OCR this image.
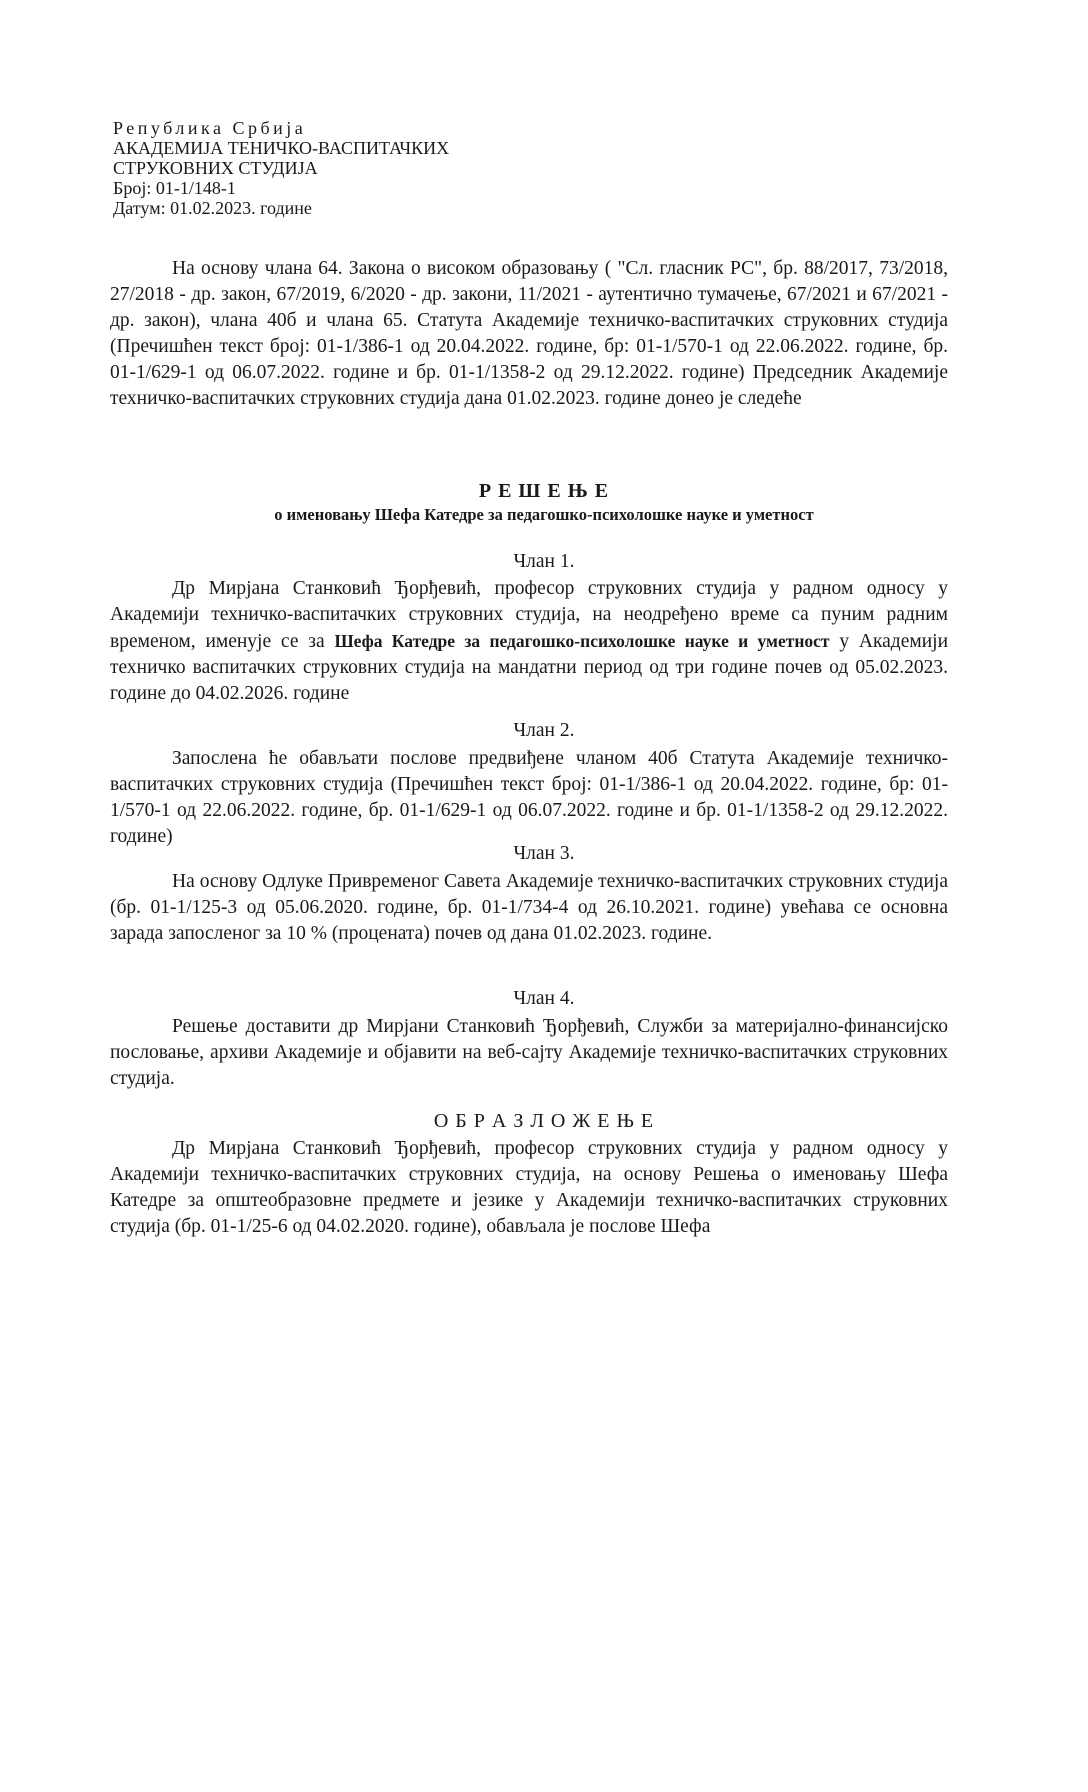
Република Србија
АКАДЕМИЈА ТЕНИЧКО-ВАСПИТАЧКИХ
СТРУКОВНИХ СТУДИЈА
Број: 01-1/148-1
Датум: 01.02.2023. године

На основу члана 64. Закона о високом образовању ( "Сл. гласник РС", бр. 88/2017, 73/2018, 27/2018 - др. закон, 67/2019, 6/2020 - др. закони, 11/2021 - аутентично тумачење, 67/2021 и 67/2021 - др. закон), члана 40б и члана 65. Статута Академије техничко-васпитачких струковних студија (Пречишћен текст број: 01-1/386-1 од 20.04.2022. године, бр: 01-1/570-1 од 22.06.2022. године, бр. 01-1/629-1 од 06.07.2022. године и бр. 01-1/1358-2 од 29.12.2022. године) Председник Академије техничко-васпитачких струковних студија дана 01.02.2023. године донео је следеће

Р Е Ш Е Њ Е
о именовању Шефа Катедре за педагошко-психолошке науке и уметност
Члан 1.

Др Мирјана Станковић Ђорђевић, професор струковних студија у радном односу у Академији техничко-васпитачких струковних студија, на неодређено време са пуним радним временом, именује се за Шефа Катедре за педагошко-психолошке науке и уметност у Академији техничко васпитачких струковних студија на мандатни период од три године почев од 05.02.2023. године до 04.02.2026. године

Члан 2.

Запослена ће обављати послове предвиђене чланом 40б Статута Академије техничко-васпитачких струковних студија (Пречишћен текст број: 01-1/386-1 од 20.04.2022. године, бр: 01-1/570-1 од 22.06.2022. године, бр. 01-1/629-1 од 06.07.2022. године и бр. 01-1/1358-2 од 29.12.2022. године)

Члан 3.

На основу Одлуке Привременог Савета Академије техничко-васпитачких струковних студија (бр. 01-1/125-3 од 05.06.2020. године, бр. 01-1/734-4 од 26.10.2021. године) увећава се основна зарада запосленог за 10 % (процената) почев од дана 01.02.2023. године.

Члан 4.

Решење доставити др Мирјани Станковић Ђорђевић, Служби за материјално-финансијско пословање, архиви Академије и објавити на веб-сајту Академије техничко-васпитачких струковних студија.

О Б Р А З Л О Ж Е Њ Е

Др Мирјана Станковић Ђорђевић, професор струковних студија у радном односу у Академији техничко-васпитачких струковних студија, на основу Решења о именовању Шефа Катедре за општеобразовне предмете и језике у Академији техничко-васпитачких струковних студија (бр. 01-1/25-6 од 04.02.2020. године), обављала је послове Шефа
